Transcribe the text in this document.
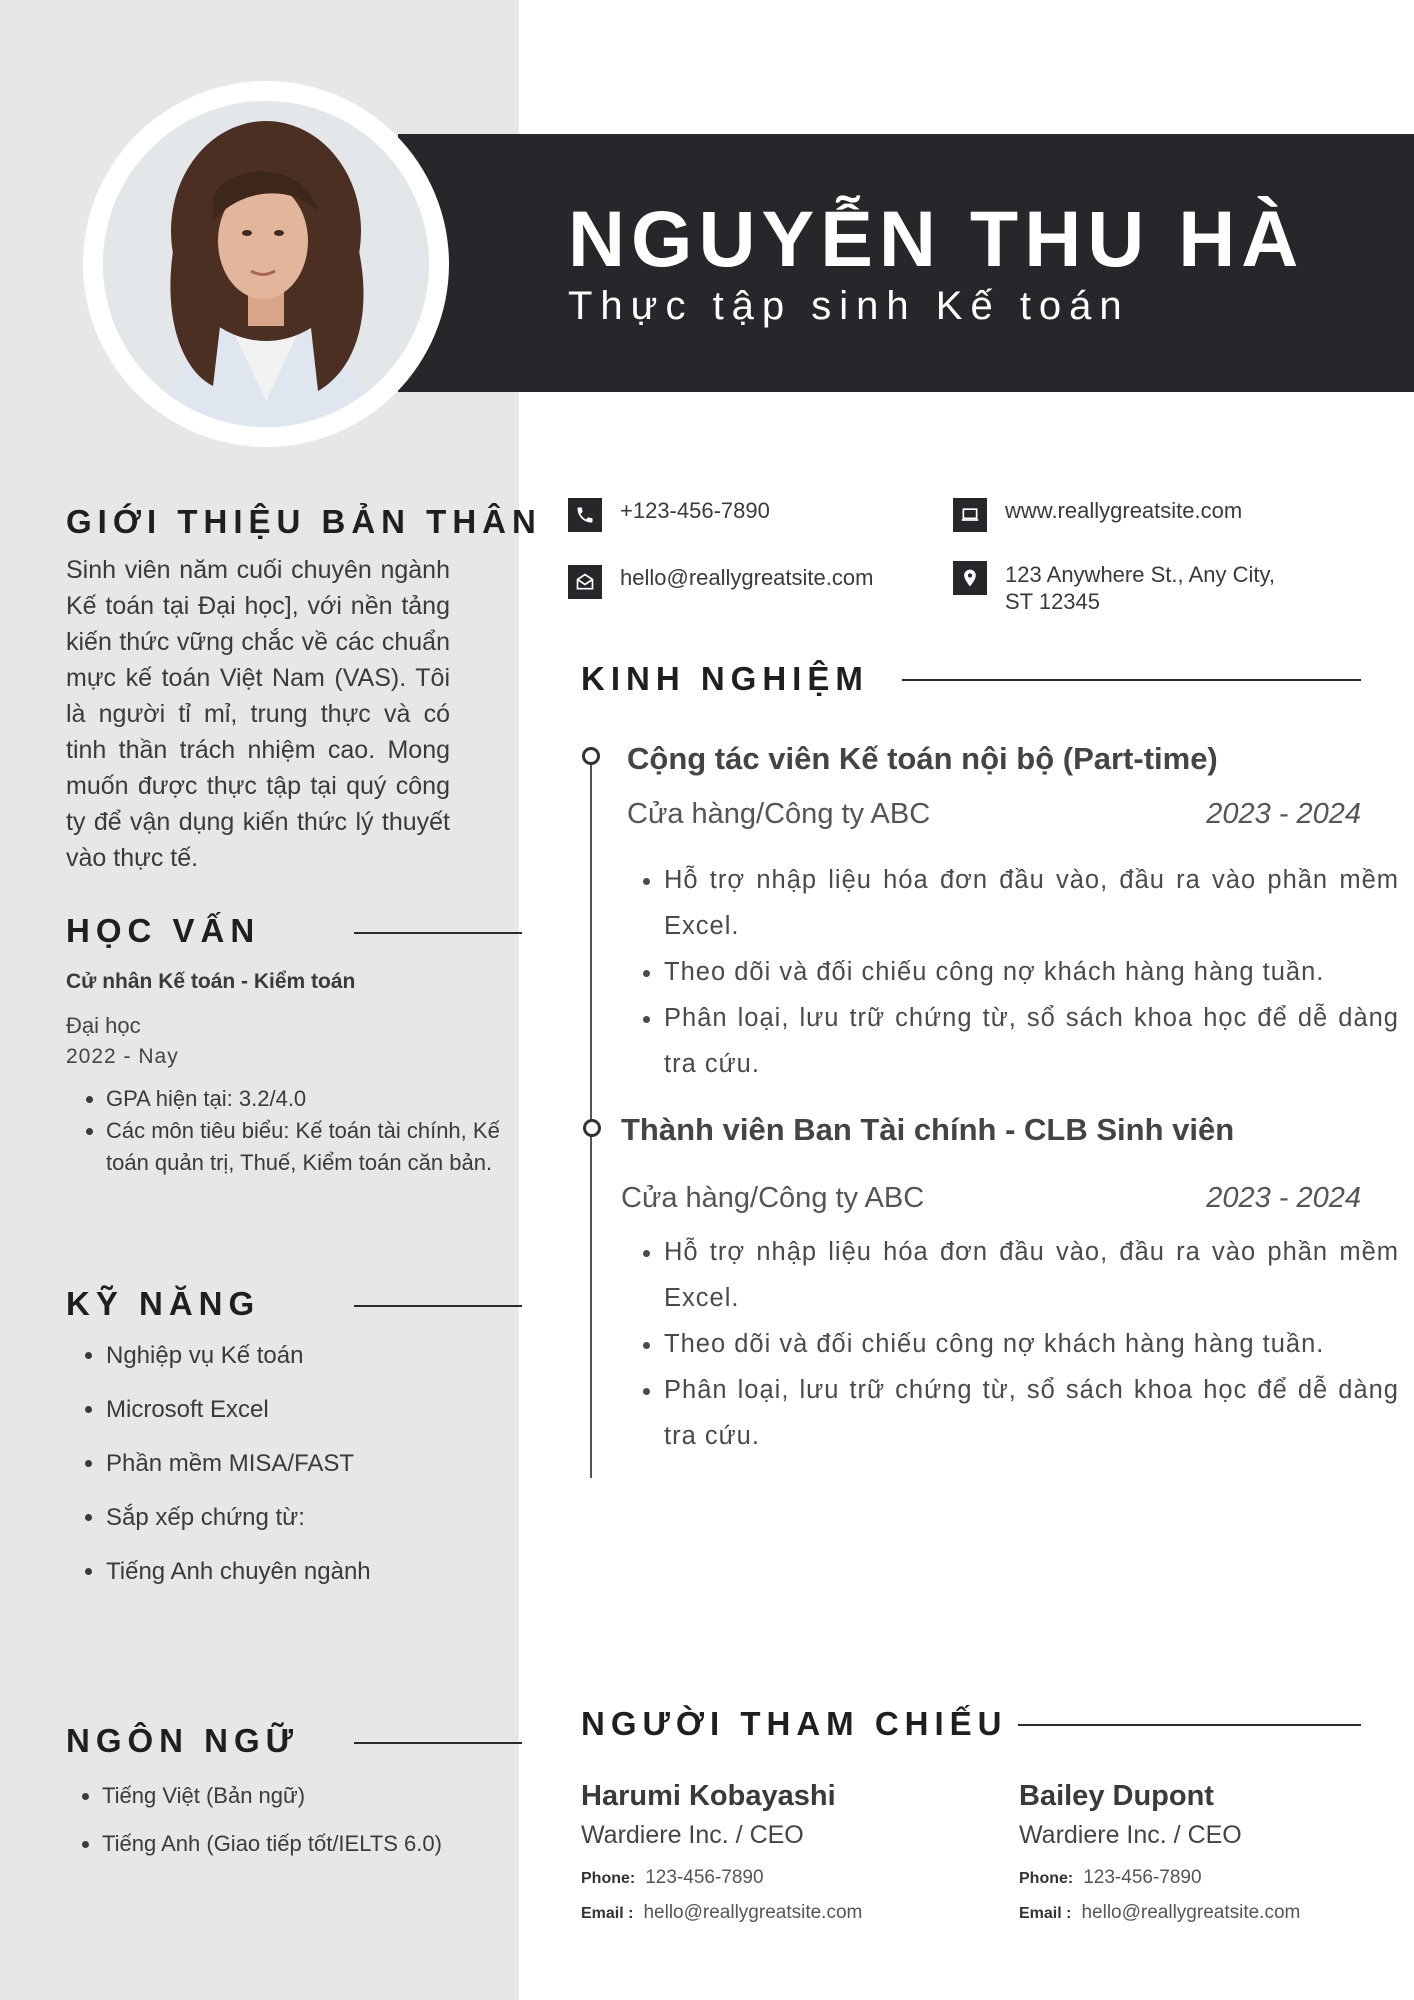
NGUYỄN THU HÀ
Thực tập sinh Kế toán
GIỚI THIỆU BẢN THÂN
Sinh viên năm cuối chuyên ngành Kế toán tại Đại học], với nền tảng kiến thức vững chắc về các chuẩn mực kế toán Việt Nam (VAS). Tôi là người tỉ mỉ, trung thực và có tinh thần trách nhiệm cao. Mong muốn được thực tập tại quý công ty để vận dụng kiến thức lý thuyết vào thực tế.
HỌC VẤN
Cử nhân Kế toán - Kiểm toán
Đại học
2022 - Nay
• GPA hiện tại: 3.2/4.0
• Các môn tiêu biểu: Kế toán tài chính, Kế toán quản trị, Thuế, Kiểm toán căn bản.
KỸ NĂNG
• Nghiệp vụ Kế toán
• Microsoft Excel
• Phần mềm MISA/FAST
• Sắp xếp chứng từ:
• Tiếng Anh chuyên ngành
NGÔN NGỮ
• Tiếng Việt (Bản ngữ)
• Tiếng Anh (Giao tiếp tốt/IELTS 6.0)
+123-456-7890	www.reallygreatsite.com
hello@reallygreatsite.com	123 Anywhere St., Any City, ST 12345
KINH NGHIỆM
Cộng tác viên Kế toán nội bộ (Part-time)
Cửa hàng/Công ty ABC	2023 - 2024
• Hỗ trợ nhập liệu hóa đơn đầu vào, đầu ra vào phần mềm Excel.
• Theo dõi và đối chiếu công nợ khách hàng hàng tuần.
• Phân loại, lưu trữ chứng từ, sổ sách khoa học để dễ dàng tra cứu.
Thành viên Ban Tài chính - CLB Sinh viên
Cửa hàng/Công ty ABC	2023 - 2024
• Hỗ trợ nhập liệu hóa đơn đầu vào, đầu ra vào phần mềm Excel.
• Theo dõi và đối chiếu công nợ khách hàng hàng tuần.
• Phân loại, lưu trữ chứng từ, sổ sách khoa học để dễ dàng tra cứu.
NGƯỜI THAM CHIẾU
Harumi Kobayashi
Wardiere Inc. / CEO
Phone: 123-456-7890
Email : hello@reallygreatsite.com
Bailey Dupont
Wardiere Inc. / CEO
Phone: 123-456-7890
Email : hello@reallygreatsite.com
